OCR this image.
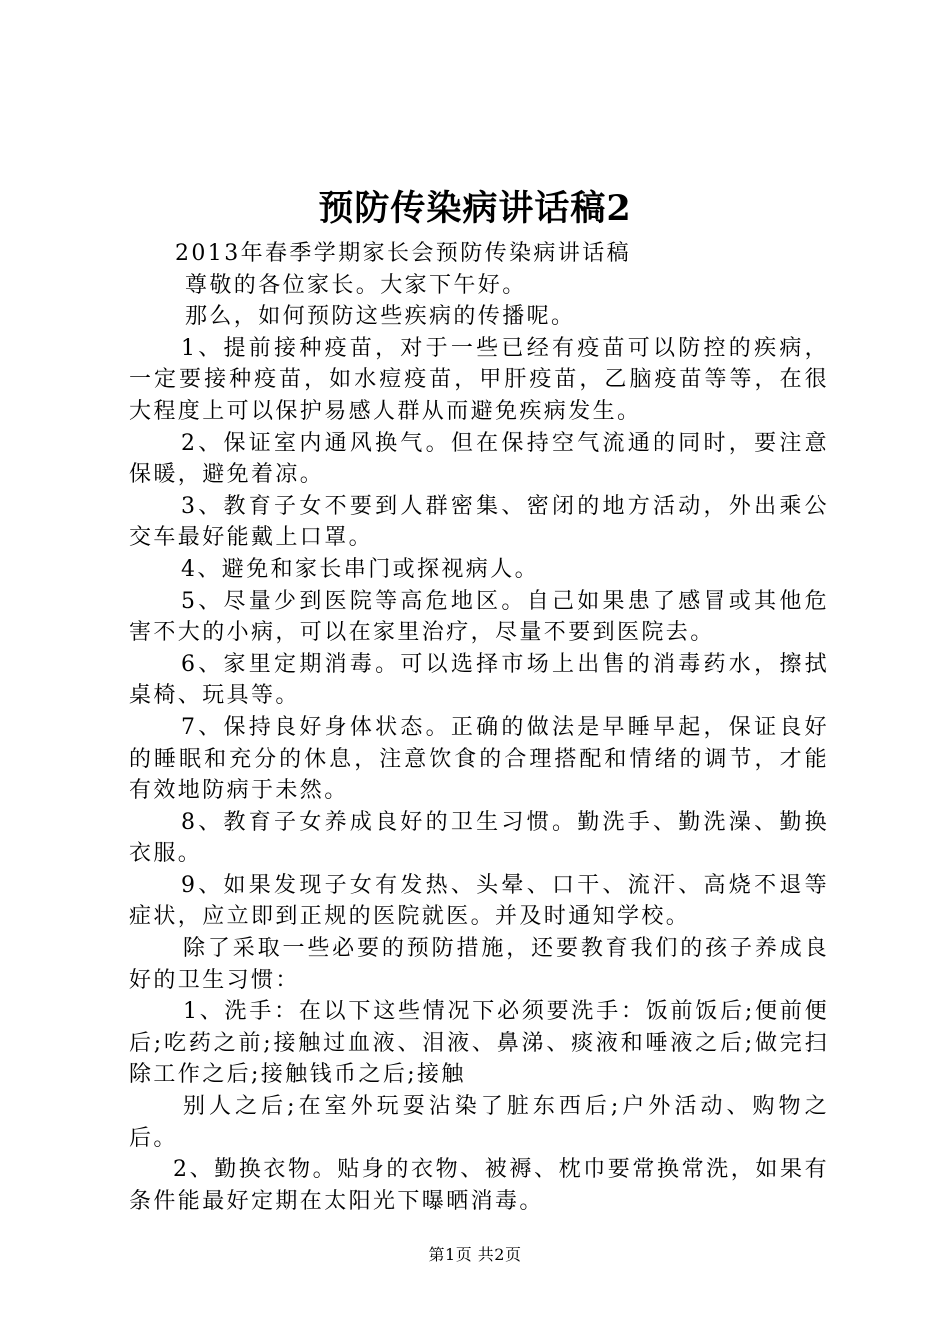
预防传染病讲话稿2

2013年春季学期家长会预防传染病讲话稿

尊敬的各位家长。大家下午好。

那么，如何预防这些疾病的传播呢。

1、提前接种疫苗，对于一些已经有疫苗可以防控的疾病，一定要接种疫苗，如水痘疫苗，甲肝疫苗，乙脑疫苗等等，在很大程度上可以保护易感人群从而避免疾病发生。

2、保证室内通风换气。但在保持空气流通的同时，要注意保暖，避免着凉。

3、教育子女不要到人群密集、密闭的地方活动，外出乘公交车最好能戴上口罩。

4、避免和家长串门或探视病人。

5、尽量少到医院等高危地区。自己如果患了感冒或其他危害不大的小病，可以在家里治疗，尽量不要到医院去。

6、家里定期消毒。可以选择市场上出售的消毒药水，擦拭桌椅、玩具等。

7、保持良好身体状态。正确的做法是早睡早起，保证良好的睡眠和充分的休息，注意饮食的合理搭配和情绪的调节，才能有效地防病于未然。

8、教育子女养成良好的卫生习惯。勤洗手、勤洗澡、勤换衣服。

9、如果发现子女有发热、头晕、口干、流汗、高烧不退等症状，应立即到正规的医院就医。并及时通知学校。

除了采取一些必要的预防措施，还要教育我们的孩子养成良好的卫生习惯：

1、洗手：在以下这些情况下必须要洗手：饭前饭后;便前便后;吃药之前;接触过血液、泪液、鼻涕、痰液和唾液之后;做完扫除工作之后;接触钱币之后;接触

别人之后;在室外玩耍沾染了脏东西后;户外活动、购物之后。

2、勤换衣物。贴身的衣物、被褥、枕巾要常换常洗，如果有条件能最好定期在太阳光下曝晒消毒。

第1页 共2页
